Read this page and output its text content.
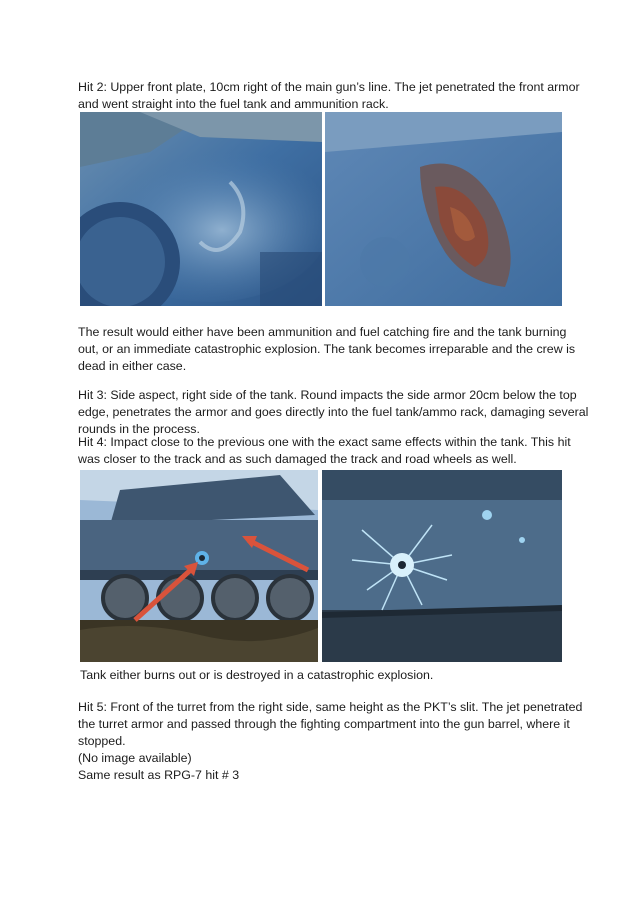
Hit 2: Upper front plate, 10cm right of the main gun’s line. The jet penetrated the front armor
and went straight into the fuel tank and ammunition rack.

The result would either have been ammunition and fuel catching fire and the tank burning
out, or an immediate catastrophic explosion. The tank becomes irreparable and the crew is
dead in either case.

Hit 3: Side aspect, right side of the tank. Round impacts the side armor 20cm below the top
edge, penetrates the armor and goes directly into the fuel tank/ammo rack, damaging several
rounds in the process.

Hit 4: Impact close to the previous one with the exact same effects within the tank. This hit
was closer to the track and as such damaged the track and road wheels as well.

Tank either burns out or is destroyed in a catastrophic explosion.

Hit 5: Front of the turret from the right side, same height as the PKT’s slit. The jet penetrated
the turret armor and passed through the fighting compartment into the gun barrel, where it
stopped.
(No image available)
Same result as RPG-7 hit # 3
